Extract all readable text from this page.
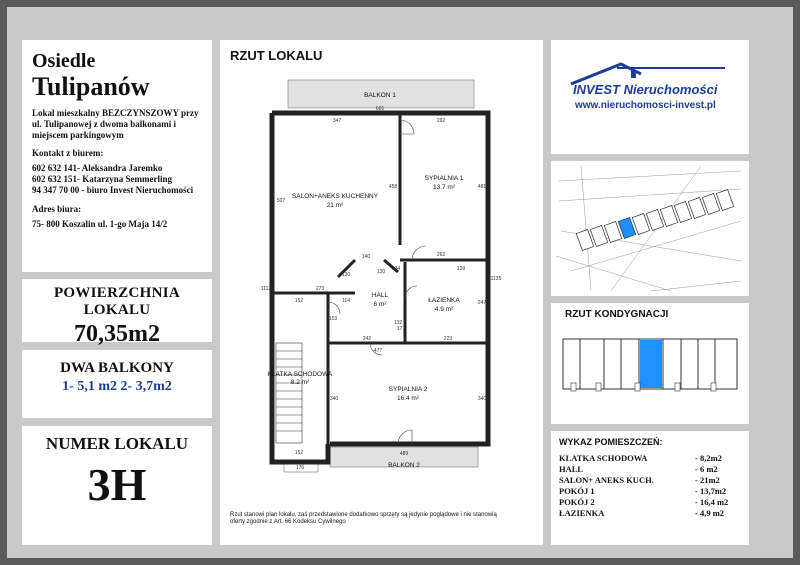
Osiedle
Tulipanów
Lokal mieszkalny BEZCZYNSZOWY przy ul. Tulipanowej z dwoma balkonami i miejscem parkingowym
Kontakt z biurem:
602 632 141- Aleksandra Jaremko
602 632 151- Katarzyna Semmerling
94 347 70 00 - biuro Invest Nieruchomości
Adres biura:
75- 800 Koszalin ul. 1-go Maja 14/2
POWIERZCHNIA LOKALU
70,35m2
DWA BALKONY
1- 5,1 m2 2- 3,7m2
NUMER LOKALU
3H
RZUT LOKALU
SALON+ANEKS KUCHENNY
21 m²
SYPIALNIA 1
13.7 m²
HALL
6 m²
ŁAZIENKA
4.9 m²
KLATKA SCHODOWA
8.2 m²
SYPIALNIA 2
16.4 m²
BALKON 1
BALKON 2
665
347	262
507
458	481
1135
1112
262
139
140
130	130 134
273
152	114
132
242
247
177
223
153
477
340	340
152	489
176
Rzut stanowi plan lokalu, zaś przedstawione dodatkowo sprzęty są jedynie poglądowe i nie stanowią oferty zgodnie z Art. 66 Kodeksu Cywilnego
INVEST Nieruchomości
www.nieruchomosci-invest.pl
RZUT KONDYGNACJI
WYKAZ POMIESZCZEŃ:
KLATKA SCHODOWA	- 8,2m2
HALL	- 6 m2
SALON+ ANEKS KUCH.	- 21m2
POKÓJ 1	- 13,7m2
POKÓJ 2	- 16,4 m2
ŁAZIENKA	- 4,9 m2
